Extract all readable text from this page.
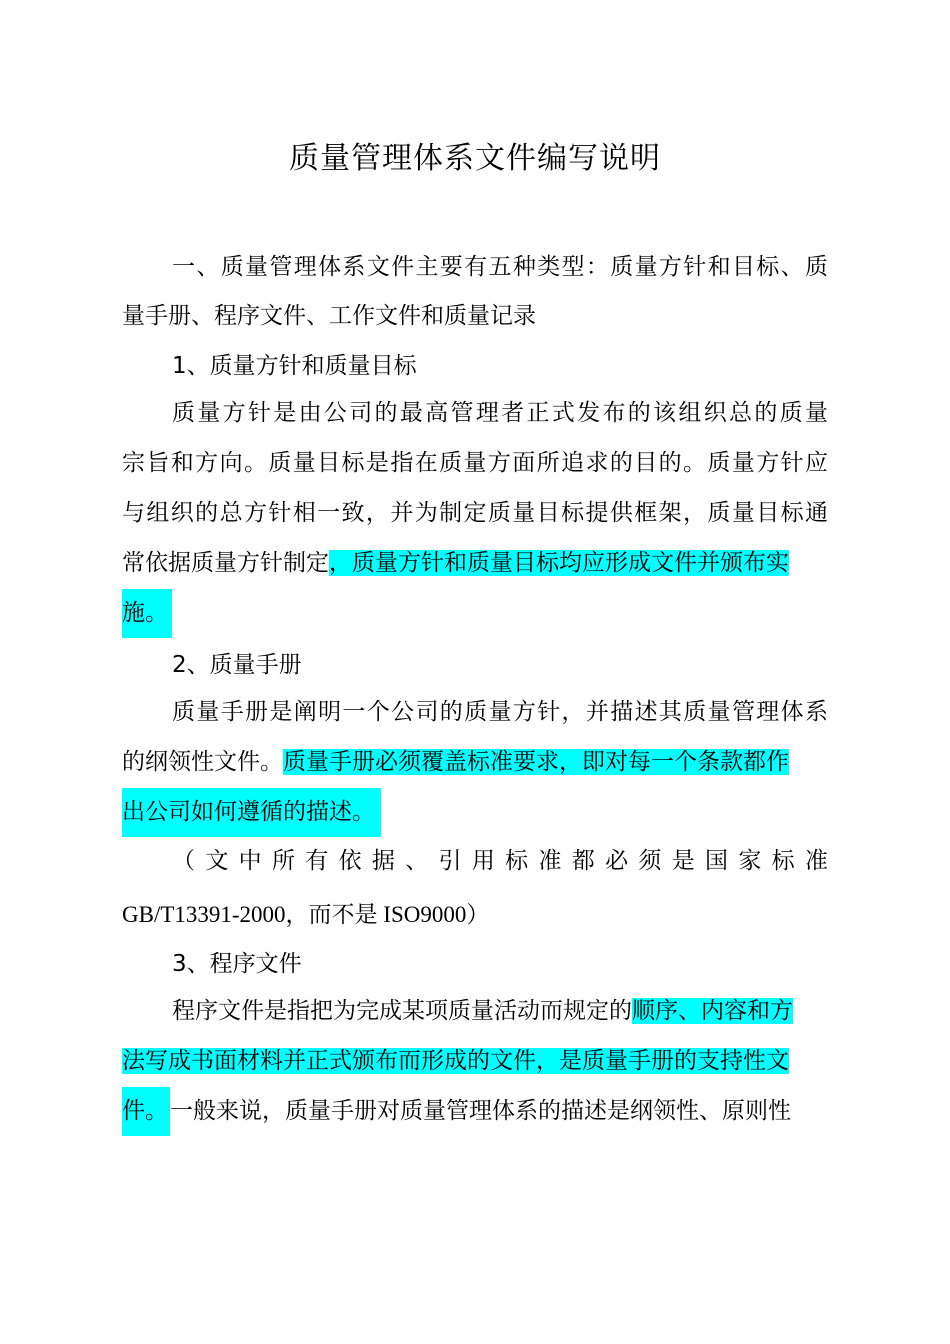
质量管理体系文件编写说明
一、质量管理体系文件主要有五种类型：质量方针和目标、质
量手册、程序文件、工作文件和质量记录
1、质量方针和质量目标
质量方针是由公司的最高管理者正式发布的该组织总的质量
宗旨和方向。质量目标是指在质量方面所追求的目的。质量方针应
与组织的总方针相一致，并为制定质量目标提供框架，质量目标通
常依据质量方针制定，质量方针和质量目标均应形成文件并颁布实
施。
2、质量手册
质量手册是阐明一个公司的质量方针，并描述其质量管理体系
的纲领性文件。质量手册必须覆盖标准要求，即对每一个条款都作
出公司如何遵循的描述。
（文中所有依据、引用标准都必须是国家标准
GB/T13391-2000，而不是 ISO9000）
3、程序文件
程序文件是指把为完成某项质量活动而规定的顺序、内容和方
法写成书面材料并正式颁布而形成的文件，是质量手册的支持性文
件。一般来说，质量手册对质量管理体系的描述是纲领性、原则性
